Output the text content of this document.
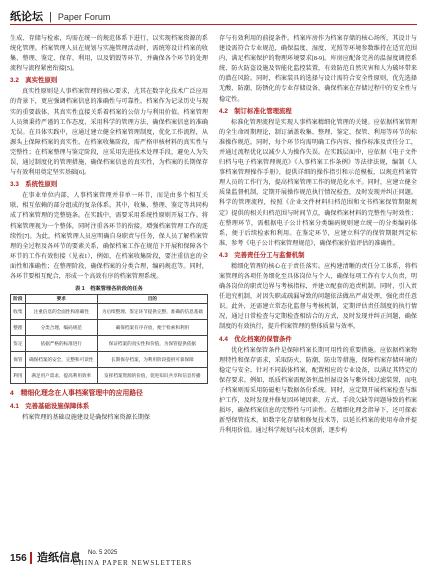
纸论坛 | Paper Forum

生成、存储与检索，均需在统一的规范体系下进行，以实现档案资源的系统化管理。档案管理人员在规划与实施管理活动时，需统筹设计档案的收集、整理、鉴定、保存、利用，以及销毁等环节，并确保各个环节的处理流程与流程紧密衔接[5]。

3.2　真实性原则

真实性原则是人事档案管理的核心要求，尤其在数字化技术广泛应用的背景下，更应强调档案信息的准确性与可靠性。档案作为记录历史与现实的重要载体，其真实性直接关系着档案的公信力与利用价值。档案管理人员须秉持严谨的工作态度，采用科学的管理方法，确保档案信息的准确无误。在具体实践中，应通过建立健全档案管理制度，优化工作流程，从源头上保障档案的真实性。在档案收集阶段，需严格审核材料的真实性与完整性；在档案整理与鉴定阶段，应采用先进技术处理手段，避免人为失误，通过制度化的管理措施，确保档案信息的真实性，为档案的长期保存与有效利用奠定坚实基础[6]。

3.3　系统性原则

在事业单位内部，人事档案管理并非单一环节，而是由多个相互关联、相互依赖的部分组成的复杂体系。其中，收集、整理、鉴定等共同构成了档案管理的完整链条。在实践中，需要采用系统性原则开展工作。将档案管理视为一个整体，同时注重各环节的衔接，增强档案管理工作的连续性[7]。为此，档案管理人员应明确自身职责与任务，保人员了解档案管理的全过程及各环节的要素关系，确保档案工作在规范下开展和保障各个环节的工作有效衔接（见表1），例如，在档案收集阶段，要注重信息的全面性和准确性；在整理阶段，确保档案的分类合理，编码规范等。同时，各环节要相互配合，形成一个高效有序的档案管理系统。

表 1　档案管理各阶段的任务
阶段	要求	目的
收集	注重信息的全面性和准确性	为后续整理、鉴定环节提供完整、准确的信息基础
整理	分类合理，编码规范	确保档案有序存放，便于检索和利用
鉴定	依据严格的标准进行	保证档案的真实性和价值，为保管提供依据
保管	确保档案的安全，完整和可读性	长期保存档案，为利用阶段提供可靠保障
利用	满足用户需求，提高利用效率	发挥档案资源的价值，促进知识共享和信息传播
4　精细化理念在人事档案管理中的应用路径
4.1　完善基础设施保障体系

档案管理的基础设施建设是确保档案资源长期保

存与有效利用的前提条件。档案库房作为档案存储的核心场所，其设计与建设需符合专业规范，确保温度、湿度、光照等环境参数维持在适宜范围内，满足档案保护的物理环境要求[8-9]。库房应配备完善的温湿度调控系统、防火防盗设施及智能化监控装置，有效防范自然灾害和人为破坏带来的潜在风险。同时，档案装具的选择与设计需符合安全性原则，优先选择无酸、防潮、防锈化的专业存储设备，确保档案在存储过程中的安全性与稳定性。

4.2　制订标准化管理流程

标准化管理流程是实现人事档案精细化管理的关键。应依据档案管理的全生命周期理论，制订涵盖收集、整理、鉴定、保管、利用等环节的标准操作规范。同时，每个环节均需明确工作内容、操作标准及责任分工，并通过流程优化以减少人为操作失误。在实践层面中，应依据《电子文件归档与电子档案管理规范》《人事档案工作条例》等法律法规，编制《人事档案管理操作手册》，提供详细的操作指引和示范模板，以规范档案管理人员的工作行为，提高档案管理工作的规范化水平。同时，应建立健全质量监督机制，定期开展操作规范执行情况检查，及时发现并纠正问题。科学的管理流程，按照《企业文件材料归档范围和文书档案保管期限规定》提供的相关归档范围与时间节点，确保档案材料的完整性与时效性；在整理环节，需根据电子公计档案分类编码规则建立统一的分类编码体系，便于后续检索和利用。在鉴定环节，应建立科学的保管期限判定标准，参考《电子公计档案管理规范》，确保档案价值评估的准确性。

4.3　完善责任分工与监督机制

精细化管理的核心在于责任落实。应构建清晰的责任分工体系，将档案管理的各项任务细化至具体岗位与个人，确保每项工作有专人负责，明确各岗位的职责边界与考核指标，并建立配套的追责机制。同时，引入责任追究机制，对因失职或疏漏导致的问题依法做出严肃处理，强化责任意识。此外，还需建立常态化监督与考核机制，定期评估责任制度的执行情况，通过日常检查与定期检查相结合的方式，及时发现并纠正问题，确保制度的有效执行，提升档案管理的整体质量与效率。

4.4　优化档案的保管条件

优化档案保管条件是保障档案长期可用性的重要措施。应依据档案物理特性和保存需求，采取防火、防潮、防虫等措施，保障档案存储环境的稳定与安全。针对不同载体档案，配置相应的专业设备，以满足其特定的保存要求。例如，纸质档案需配备恒温恒湿设备与紫外线过滤装置，而电子档案则需采用防磁柜与数据备份系统。同时，应定期开展档案检查与维护工作，及时发现并修复因环境因素、方式、手段欠缺等问题导致的档案损坏，确保档案信息的完整性与可读性。在精细化理念指导下，还可探索新型保管技术，如数字化存储和修复技术等，以延长档案的使用寿命并提升利用价值。通过科学规划与技术创新，逐步构

156 造纸信息 No. 5 2025
CHINA PAPER NEWSLETTERS
